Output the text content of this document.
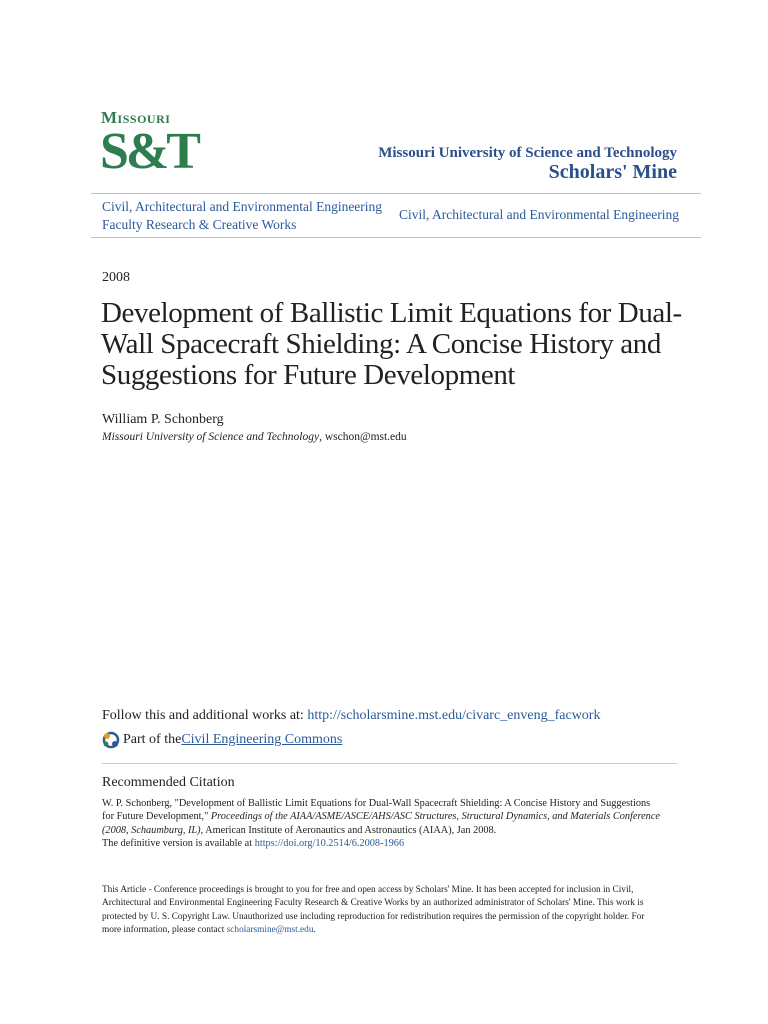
Missouri
S&T	Missouri University of Science and Technology
Scholars' Mine
Civil, Architectural and Environmental Engineering
Faculty Research & Creative Works
Civil, Architectural and Environmental Engineering
2008
Development of Ballistic Limit Equations for Dual-Wall Spacecraft Shielding: A Concise History and Suggestions for Future Development
William P. Schonberg
Missouri University of Science and Technology, wschon@mst.edu
Follow this and additional works at: http://scholarsmine.mst.edu/civarc_enveng_facwork
Part of the Civil Engineering Commons
Recommended Citation
W. P. Schonberg, "Development of Ballistic Limit Equations for Dual-Wall Spacecraft Shielding: A Concise History and Suggestions for Future Development," Proceedings of the AIAA/ASME/ASCE/AHS/ASC Structures, Structural Dynamics, and Materials Conference (2008, Schaumburg, IL), American Institute of Aeronautics and Astronautics (AIAA), Jan 2008.
The definitive version is available at https://doi.org/10.2514/6.2008-1966
This Article - Conference proceedings is brought to you for free and open access by Scholars' Mine. It has been accepted for inclusion in Civil, Architectural and Environmental Engineering Faculty Research & Creative Works by an authorized administrator of Scholars' Mine. This work is protected by U. S. Copyright Law. Unauthorized use including reproduction for redistribution requires the permission of the copyright holder. For more information, please contact scholarsmine@mst.edu.
